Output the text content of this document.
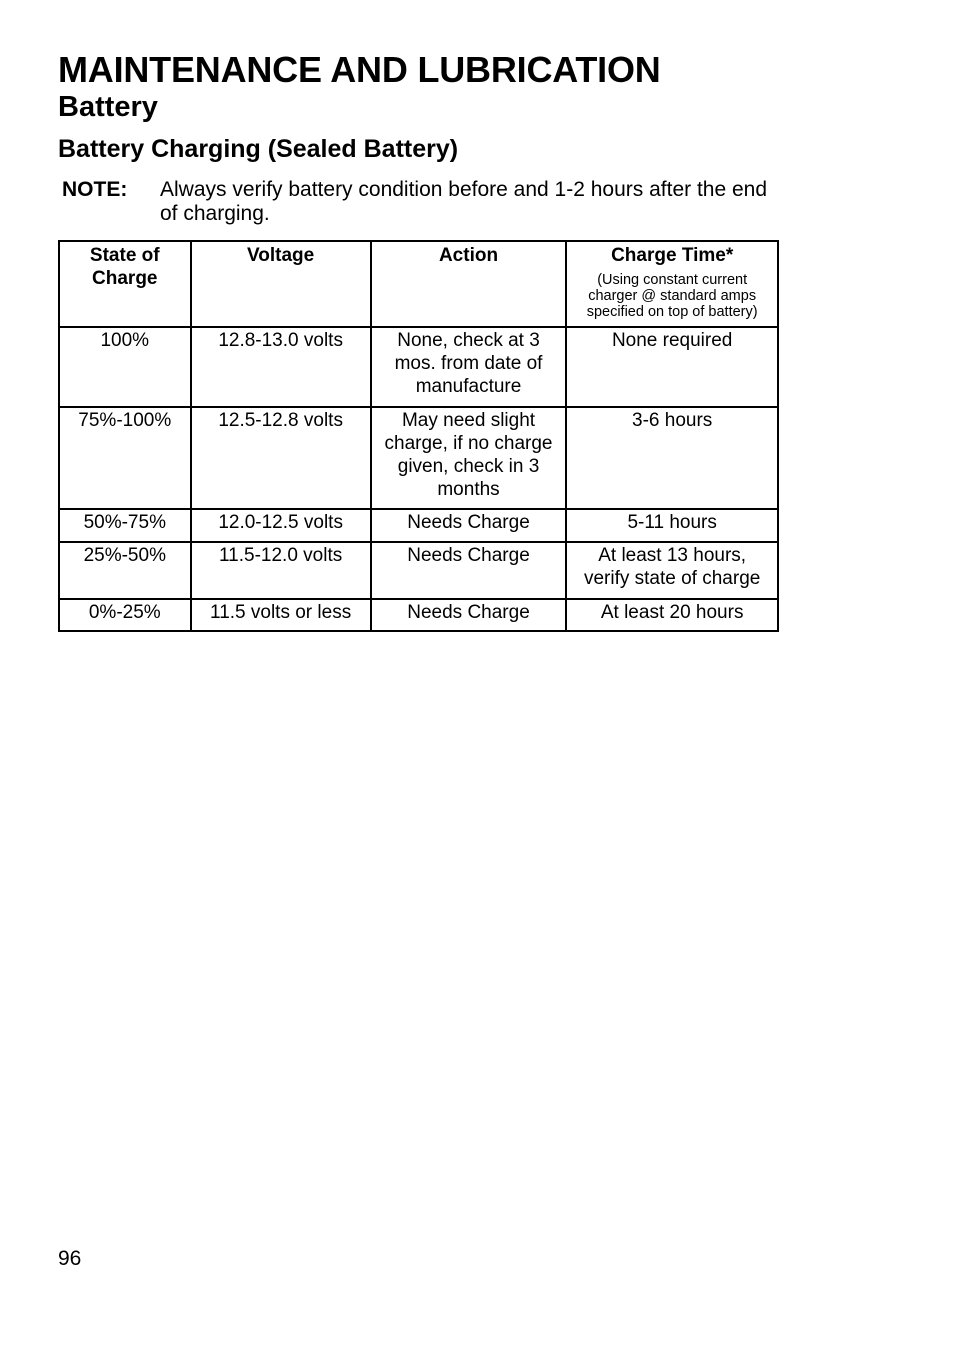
MAINTENANCE AND LUBRICATION
Battery
Battery Charging (Sealed Battery)
NOTE: Always verify battery condition before and 1-2 hours after the end of charging.
State of Charge	Voltage	Action	Charge Time*
(Using constant current charger @ standard amps specified on top of battery)

100%	12.8-13.0 volts	None, check at 3 mos. from date of manufacture	None required
75%-100%	12.5-12.8 volts	May need slight charge, if no charge given, check in 3 months	3-6 hours
50%-75%	12.0-12.5 volts	Needs Charge	5-11 hours
25%-50%	11.5-12.0 volts	Needs Charge	At least 13 hours, verify state of charge
0%-25%	11.5 volts or less	Needs Charge	At least 20 hours
96
